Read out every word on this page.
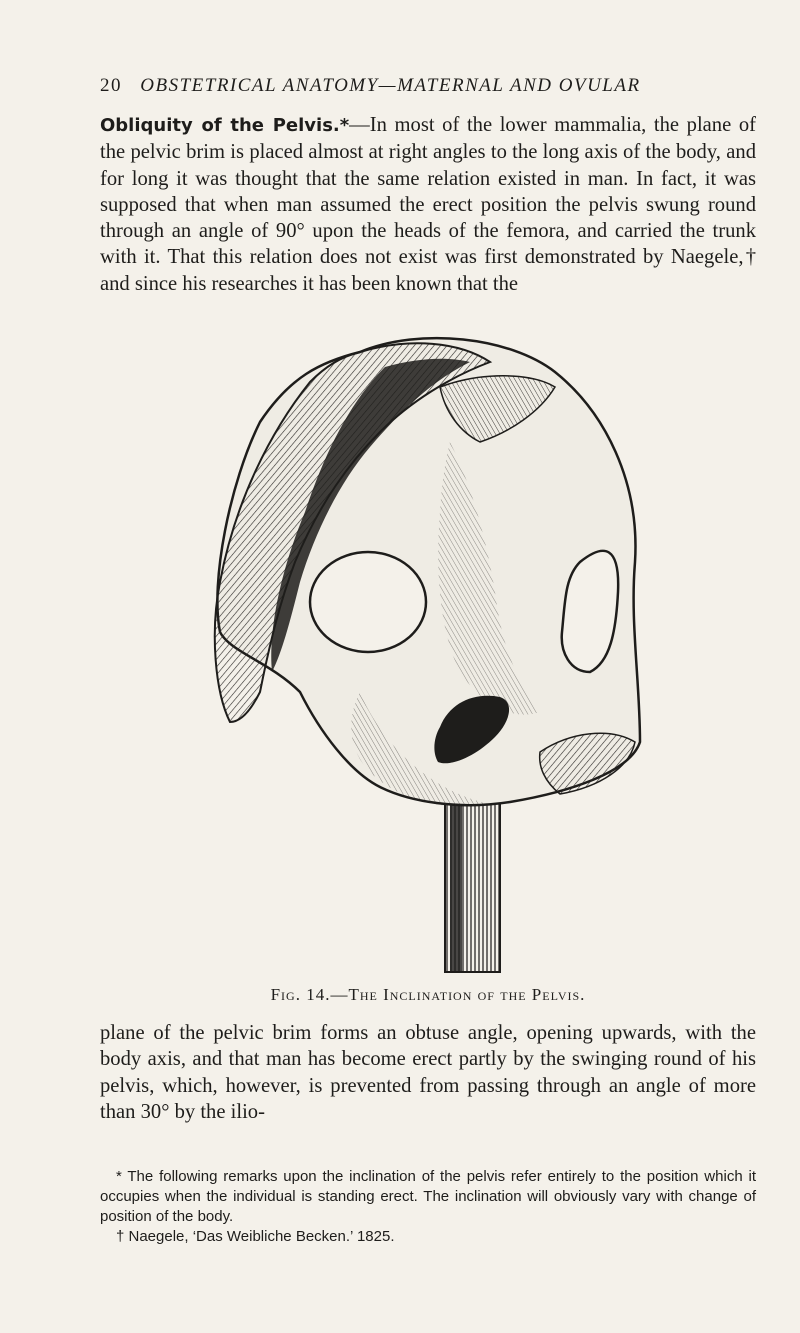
20 OBSTETRICAL ANATOMY—MATERNAL AND OVULAR

Obliquity of the Pelvis.*—In most of the lower mammalia, the plane of the pelvic brim is placed almost at right angles to the long axis of the body, and for long it was thought that the same relation existed in man. In fact, it was supposed that when man assumed the erect position the pelvis swung round through an angle of 90° upon the heads of the femora, and carried the trunk with it. That this relation does not exist was first demonstrated by Naegele,† and since his researches it has been known that the

Fig. 14.—The Inclination of the Pelvis.

plane of the pelvic brim forms an obtuse angle, opening upwards, with the body axis, and that man has become erect partly by the swinging round of his pelvis, which, however, is prevented from passing through an angle of more than 30° by the ilio-

* The following remarks upon the inclination of the pelvis refer entirely to the position which it occupies when the individual is standing erect. The inclination will obviously vary with change of position of the body.

† Naegele, ‘Das Weibliche Becken.’ 1825.
